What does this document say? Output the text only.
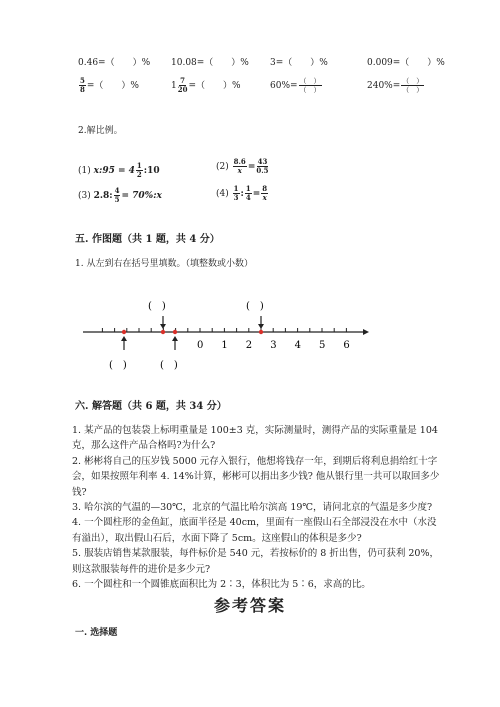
0.46=（　　）% 10.08=（　　）% 3=（　　）%	0.009=（　　）%
$\frac{5}{8}$ =（　　）%	$1 \frac{7}{20}$ =（　　）%	$60\%= \frac{( )}{( )}$	$240\%= \frac{( )}{( )}$
2.解比例。
(1) x:95 = $4 \frac{1}{2}$ :10	$(2) \frac{8.6}{x} = \frac{43}{0.5}$
(3) 2.8: $\frac{4}{5}$ = 70%:x	$(4) \frac{1}{3}$ : $\frac{1}{4} = \frac{8}{x}$
五. 作图题（共 1 题，共 4 分）
1. 从左到右在括号里填数。（填整数或小数）
0 1 2 3 4 5 6
(　)	(　)
(　)	(　)
六. 解答题（共 6 题，共 34 分）

1. 某产品的包装袋上标明重量是 100±3 克，实际测量时，测得产品的实际重量是 104 克，那么这件产品合格吗?为什么?

2. 彬彬将自己的压岁钱 5000 元存入银行，他想将钱存一年，到期后将利息捐给红十字会，如果按照年利率 4. 14%计算，彬彬可以捐出多少钱? 他从银行里一共可以取回多少钱?

3. 哈尔滨的气温的—30℃，北京的气温比哈尔滨高 19℃，请问北京的气温是多少度?

4. 一个圆柱形的金鱼缸，底面半径是 40cm，里面有一座假山石全部浸没在水中（水没有溢出），取出假山石后，水面下降了 5cm。这座假山的体积是多少?

5. 服装店销售某款服装，每件标价是 540 元，若按标价的 8 折出售，仍可获利 20%，则这款服装每件的进价是多少元?

6. 一个圆柱和一个圆锥底面积比为 2∶3，体积比为 5∶6，求高的比。

参考答案
一. 选择题
